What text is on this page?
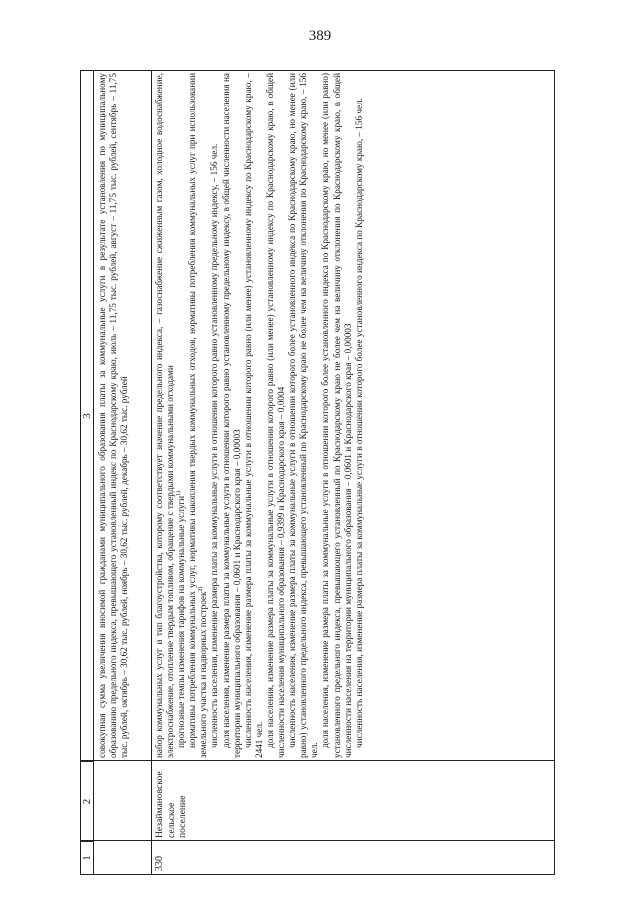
389
1
2
3 совокупная сумма увеличения вносимой гражданами муниципального образования платы за коммунальные услуги в результате установления по муниципальному образованию предельного индекса, превышающего установленный индекс по Краснодарскому краю, июль – 11,75 тыс. рублей, август – 11,75 тыс. рублей, сентябрь – 11,75 тыс. рублей, октябрь – 30,62 тыс. рублей, ноябрь – 30,62 тыс. рублей, декабрь – 30,62 тыс. рублей
330
Незаймановское сельское поселение

набор коммунальных услуг и тип благоустройства, которому соответствует значение предельного индекса, – газоснабжение сжиженным газом, холодное водоснабжение, электроснабжение, отопление твердым топливом, обращение с твердыми коммунальными отходами прогнозные темпы изменения тарифов на коммунальные услуги$^{1)}$ нормативы потребления коммунальных услуг, нормативы накопления твердых коммунальных отходов, нормативы потребления коммунальных услуг при использовании земельного участка и надворных построек$^{2)}$ численность населения, изменение размера платы за коммунальные услуги в отношении которого равно установленному предельному индексу, – 156 чел. доля населения, изменение размера платы за коммунальные услуги в отношении которого равно установленному предельному индексу, в общей численности населения на территории муниципального образования – 0,0601 и Краснодарского края – 0,00003 численность населения, изменение размера платы за коммунальные услуги в отношении которого равно (или менее) установленному индексу по Краснодарскому краю, – 2441 чел. доля населения, изменение размера платы за коммунальные услуги в отношении которого равно (или менее) установленному индексу по Краснодарскому краю, в общей численности населения муниципального образования – 0,9399 и Краснодарского края – 0,0004 численность населения, изменение размера платы за коммунальные услуги в отношении которого более установленного индекса по Краснодарскому краю, но менее (или равно) установленного предельного индекса, превышающего установленный по Краснодарскому краю не более чем на величину отклонения по Краснодарскому краю, – 156 чел.

доля населения, изменение размера платы за коммунальные услуги в отношении которого более установленного индекса по Краснодарскому краю, но менее (или равно) установленного предельного индекса, превышающего установленный по Краснодарскому краю не более чем на величину отклонения по Краснодарскому краю, в общей численности населения на территории муниципального образования – 0,0601 и Краснодарского края – 0,00003 численность населения, изменение размера платы за коммунальные услуги в отношении которого более установленного индекса по Краснодарскому краю, – 156 чел.
